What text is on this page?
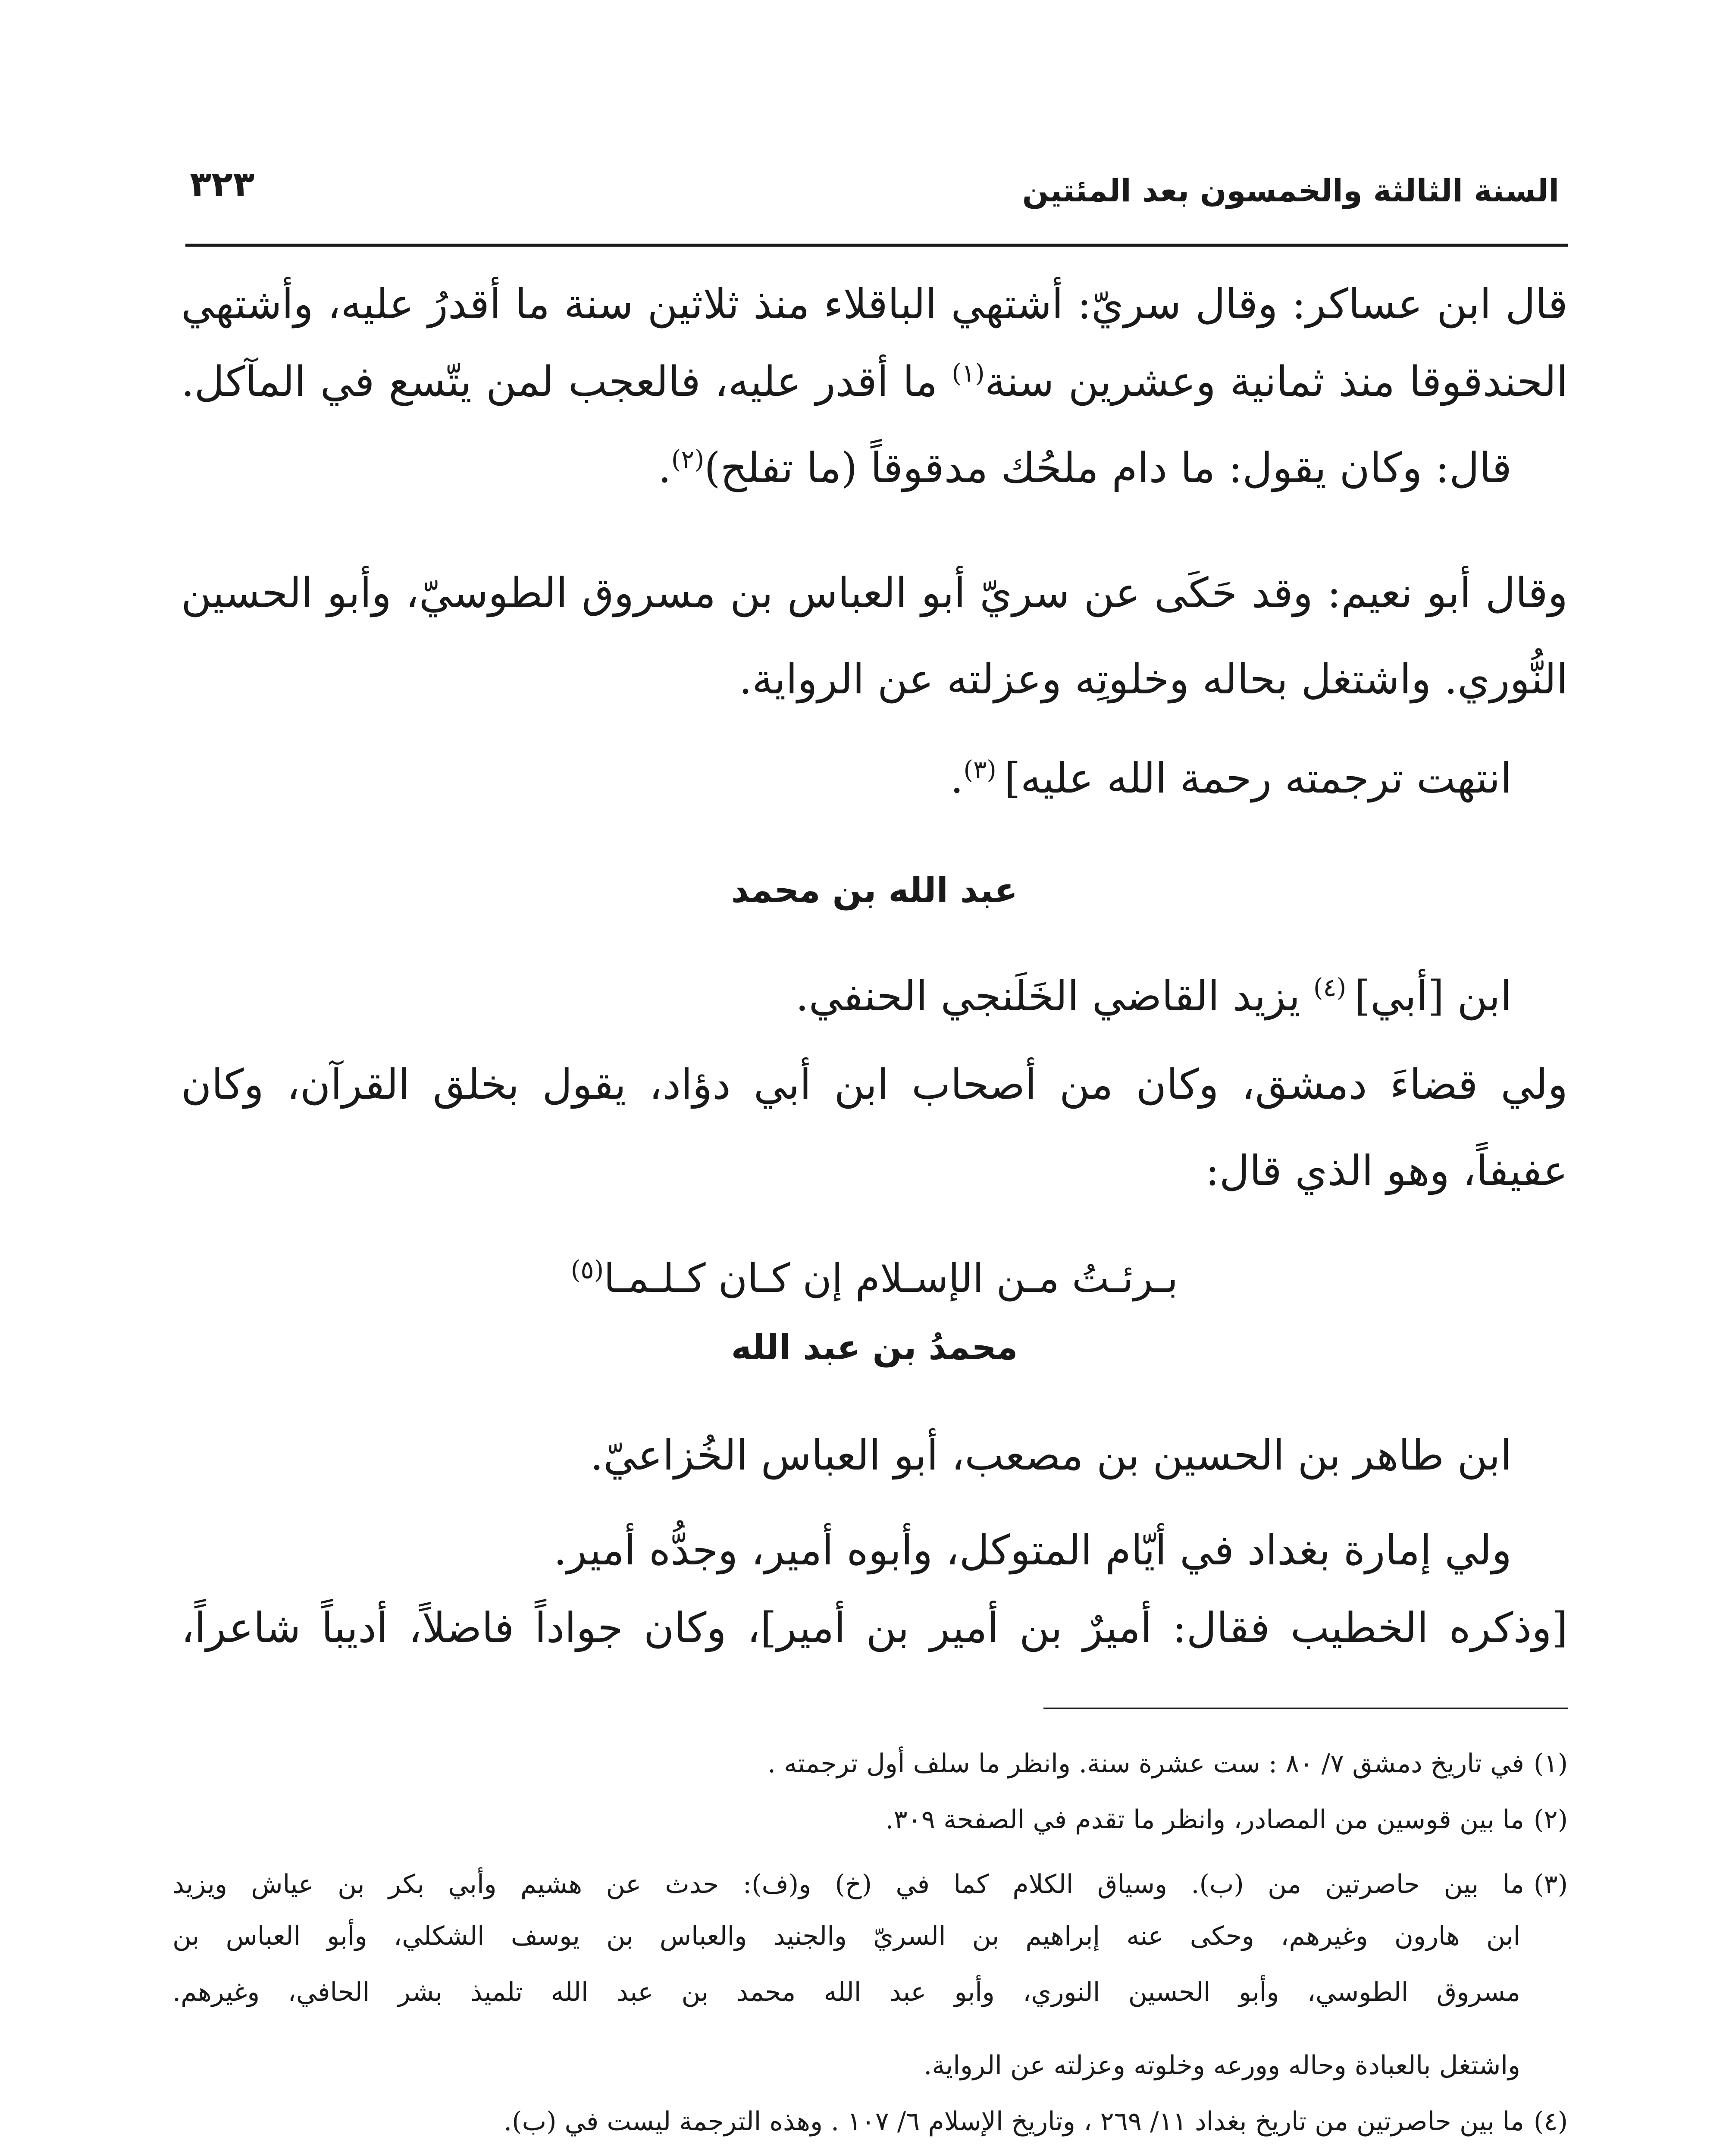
السنة الثالثة والخمسون بعد المئتين
٣٢٣
قال ابن عساكر: وقال سريّ: أشتهي الباقلاء منذ ثلاثين سنة ما أقدرُ عليه، وأشتهي
الحندقوقا منذ ثمانية وعشرين سنة$^{(١)}$ ما أقدر عليه، فالعجب لمن يتّسع في المآكل.
قال: وكان يقول: ما دام ملحُك مدقوقاً (ما تفلح)$^{(٢)}$.
وقال أبو نعيم: وقد حَكَى عن سريّ أبو العباس بن مسروق الطوسيّ، وأبو الحسين
النُّوري. واشتغل بحاله وخلوتِه وعزلته عن الرواية.
انتهت ترجمته رحمة الله عليه] $^{(٣)}$.
عبد الله بن محمد
ابن [أبي] $^{(٤)}$ يزيد القاضي الخَلَنجي الحنفي.
ولي قضاءَ دمشق، وكان من أصحاب ابن أبي دؤاد، يقول بخلق القرآن، وكان
عفيفاً، وهو الذي قال:
بـرئـتُ مـن الإسـلام إن كـان كـلـمـا$^{(٥)}$
محمدُ بن عبد الله
ابن طاهر بن الحسين بن مصعب، أبو العباس الخُزاعيّ.
ولي إمارة بغداد في أيّام المتوكل، وأبوه أمير، وجدُّه أمير.
[وذكره الخطيب فقال: أميرٌ بن أمير بن أمير]، وكان جواداً فاضلاً، أديباً شاعراً،
(١)في تاريخ دمشق ٧/ ٨٠ : ست عشرة سنة. وانظر ما سلف أول ترجمته .
(٢)ما بين قوسين من المصادر، وانظر ما تقدم في الصفحة ٣٠٩.
(٣)ما بين حاصرتين من (ب). وسياق الكلام كما في (خ) و(ف): حدث عن هشيم وأبي بكر بن عياش ويزيد
ابن هارون وغيرهم، وحكى عنه إبراهيم بن السريّ والجنيد والعباس بن يوسف الشكلي، وأبو العباس بن
مسروق الطوسي، وأبو الحسين النوري، وأبو عبد الله محمد بن عبد الله تلميذ بشر الحافي، وغيرهم.
واشتغل بالعبادة وحاله وورعه وخلوته وعزلته عن الرواية.
(٤)ما بين حاصرتين من تاريخ بغداد ١١/ ٢٦٩ ، وتاريخ الإسلام ٦/ ١٠٧ . وهذه الترجمة ليست في (ب).
